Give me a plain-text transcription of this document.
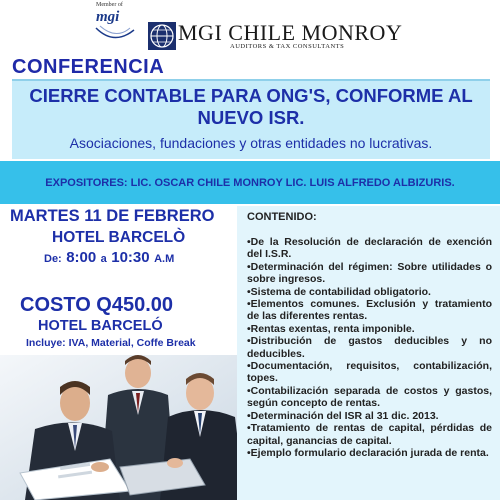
Member of
mgi
MGI CHILE MONROY
AUDITORS & TAX CONSULTANTS
CONFERENCIA
CIERRE CONTABLE PARA ONG'S, CONFORME AL
NUEVO ISR.
Asociaciones, fundaciones y otras entidades no lucrativas.
EXPOSITORES: LIC. OSCAR CHILE MONROY LIC. LUIS ALFREDO ALBIZURIS.
MARTES 11 DE FEBRERO
HOTEL BARCELÒ
De: 8:00 a 10:30 A.M
COSTO Q450.00
HOTEL BARCELÓ
Incluye: IVA, Material, Coffe Break
CONTENIDO:
•De la Resolución de declaración de exención del I.S.R.
•Determinación del régimen: Sobre utilidades o sobre ingresos.
•Sistema de contabilidad obligatorio.
•Elementos comunes. Exclusión y tratamiento de las diferentes rentas.
•Rentas exentas, renta imponible.
•Distribución de gastos deducibles y no deducibles.
•Documentación, requisitos, contabilización, topes.
•Contabilización separada de costos y gastos, según concepto de rentas.
•Determinación del ISR al 31 dic. 2013.
•Tratamiento de rentas de capital, pérdidas de capital, ganancias de capital.
•Ejemplo formulario declaración jurada de renta.
